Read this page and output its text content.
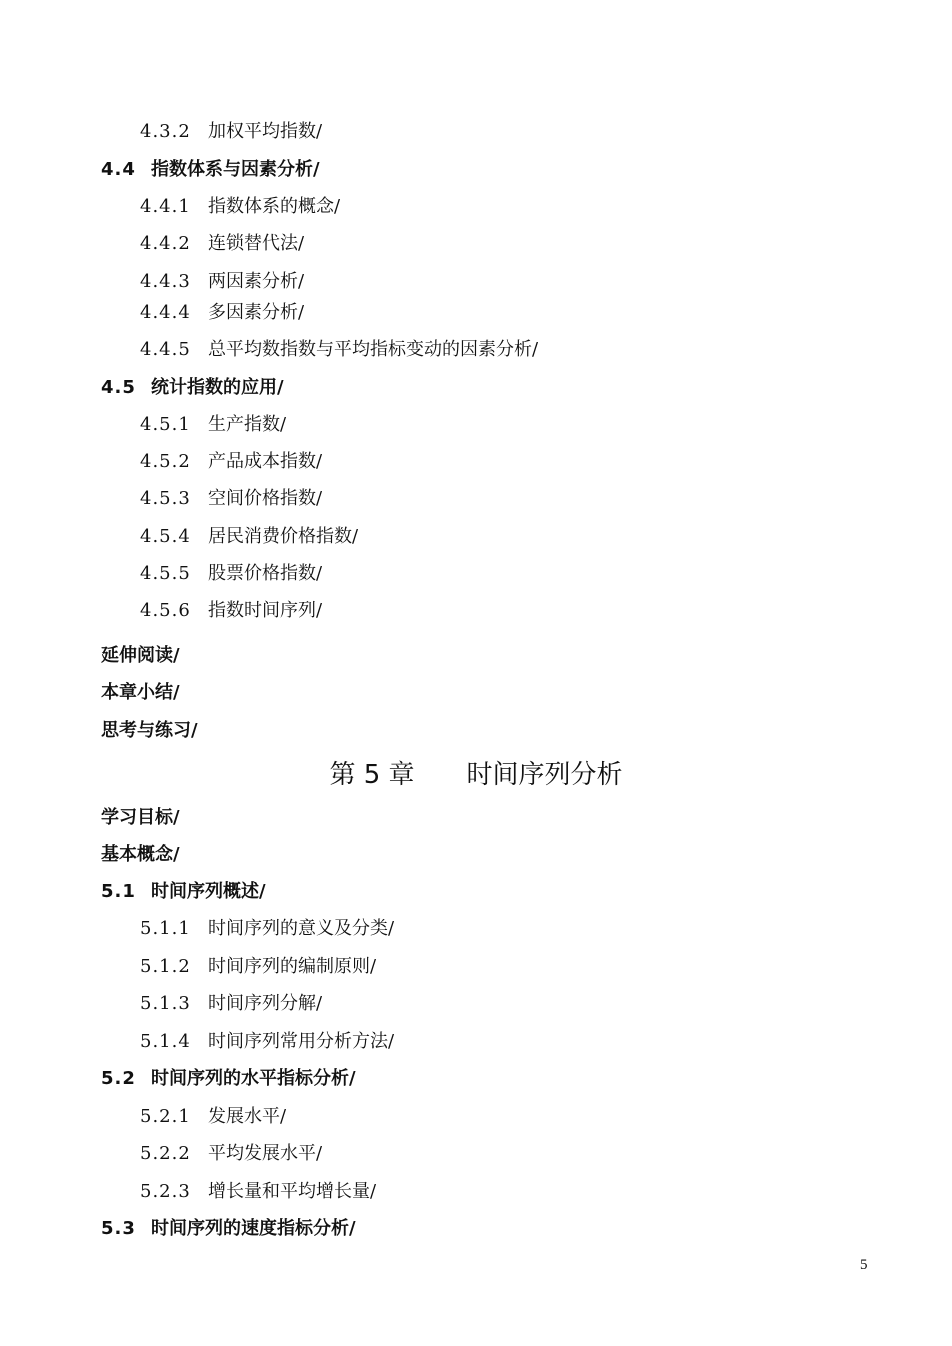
4.3.2 加权平均指数/
4.4 指数体系与因素分析/
4.4.1 指数体系的概念/
4.4.2 连锁替代法/
4.4.3 两因素分析/
4.4.4 多因素分析/
4.4.5 总平均数指数与平均指标变动的因素分析/
4.5 统计指数的应用/
4.5.1 生产指数/
4.5.2 产品成本指数/
4.5.3 空间价格指数/
4.5.4 居民消费价格指数/
4.5.5 股票价格指数/
4.5.6 指数时间序列/
延伸阅读/
本章小结/
思考与练习/
第 5 章 时间序列分析
学习目标/
基本概念/
5.1 时间序列概述/
5.1.1 时间序列的意义及分类/
5.1.2 时间序列的编制原则/
5.1.3 时间序列分解/
5.1.4 时间序列常用分析方法/
5.2 时间序列的水平指标分析/
5.2.1 发展水平/
5.2.2 平均发展水平/
5.2.3 增长量和平均增长量/
5.3 时间序列的速度指标分析/
5
